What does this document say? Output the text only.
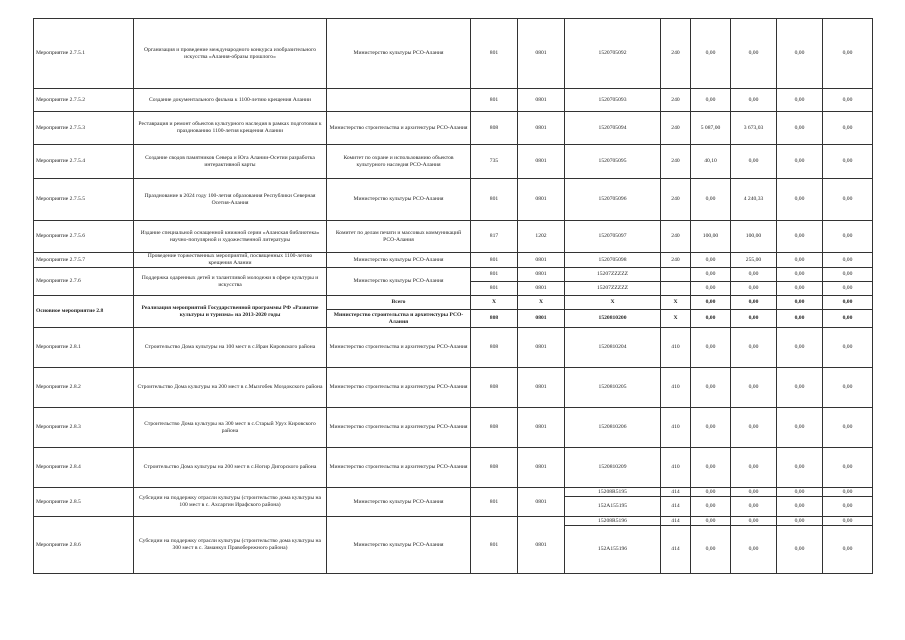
Мероприятие 2.7.5.1	Организация и проведение международного конкурса изобразительного искусства «Алания-образы прошлого»	Министерство культуры РСО-Алания	801	0801	1520705092	240	0,00	0,00	0,00	0,00
Мероприятие 2.7.5.2	Создание документального фильма к 1100-летию крещения Алании		801	0801	1520705093	240	0,00	0,00	0,00	0,00
Мероприятие 2.7.5.3	Реставрация и ремонт объектов культурного наследия в рамках подготовки к празднованию 1100-летия крещения Алании	Министерство строительства и архитектуры РСО-Алания	808	0801	1520705094	240	5 087,00	3 673,03	0,00	0,00
Мероприятие 2.7.5.4	Создание сводов памятников Севера и Юга Алании-Осетии разработка интерактивной карты	Комитет по охране и использованию объектов культурного наследия РСО-Алания	735	0801	1520705095	240	40,10	0,00	0,00	0,00
Мероприятие 2.7.5.5	Празднование в 2024 году 100-летия образования Республики Северная Осетия-Алания	Министерство культуры РСО-Алания	801	0801	1520705096	240	0,00	4 240,33	0,00	0,00
Мероприятие 2.7.5.6	Издание специальной оснащенной книжной серии «Аланская библиотека» научно-популярной и художественной литературы	Комитет по делам печати и массовых коммуникаций РСО-Алания	817	1202	1520705097	240	100,00	100,00	0,00	0,00
Мероприятие 2.7.5.7	Проведение торжественных мероприятий, посвященных 1100-летию крещения Алании	Министерство культуры РСО-Алания	801	0801	1520705098	240	0,00	255,00	0,00	0,00
Мероприятие 2.7.6	Поддержка одаренных детей и талантливой молодежи в сфере культуры и искусства	Министерство культуры РСО-Алания	801	0801	15207ZZZZZ		0,00	0,00	0,00	0,00
			801	0801	15207ZZZZZ		0,00	0,00	0,00	0,00
Основное мероприятие 2.8	Реализация мероприятий Государственной программы РФ «Развитие культуры и туризма» на 2013-2020 годы	Всего	X	X	X	X	0,00	0,00	0,00	0,00
		Министерство строительства и архитектуры РСО-Алания	808	0801	1520810200	X	0,00	0,00	0,00	0,00
Мероприятие 2.8.1	Строительство Дома культуры на 100 мест в с.Иран Кировского района	Министерство строительства и архитектуры РСО-Алания	808	0801	1520810204	410	0,00	0,00	0,00	0,00
Мероприятие 2.8.2	Строительство Дома культуры на 200 мест в с.Мызгобек Моздокского района	Министерство строительства и архитектуры РСО-Алания	808	0801	1520810205	410	0,00	0,00	0,00	0,00
Мероприятие 2.8.3	Строительство Дома культуры на 300 мест в с.Старый Урух Кировского района	Министерство строительства и архитектуры РСО-Алания	808	0801	1520810206	410	0,00	0,00	0,00	0,00
Мероприятие 2.8.4	Строительство Дома культуры на 200 мест в с.Ногир Дигорского района	Министерство строительства и архитектуры РСО-Алания	808	0801	1520810209	410	0,00	0,00	0,00	0,00
Мероприятие 2.8.5	Субсидии на поддержку отрасли культуры (строительство дома культуры на 100 мест в с. Ахсаргин Ирафского района)	Министерство культуры РСО-Алания	801	0801	15208R5195	414	0,00	0,00	0,00	0,00
					152A155195	414	0,00	0,00	0,00	0,00
Мероприятие 2.8.6	Субсидии на поддержку отрасли культуры (строительство дома культуры на 300 мест в с. Заманкул Правобережного района)	Министерство культуры РСО-Алания	801	0801	15208R5196	414	0,00	0,00	0,00	0,00
					152A155196	414	0,00	0,00	0,00	0,00
